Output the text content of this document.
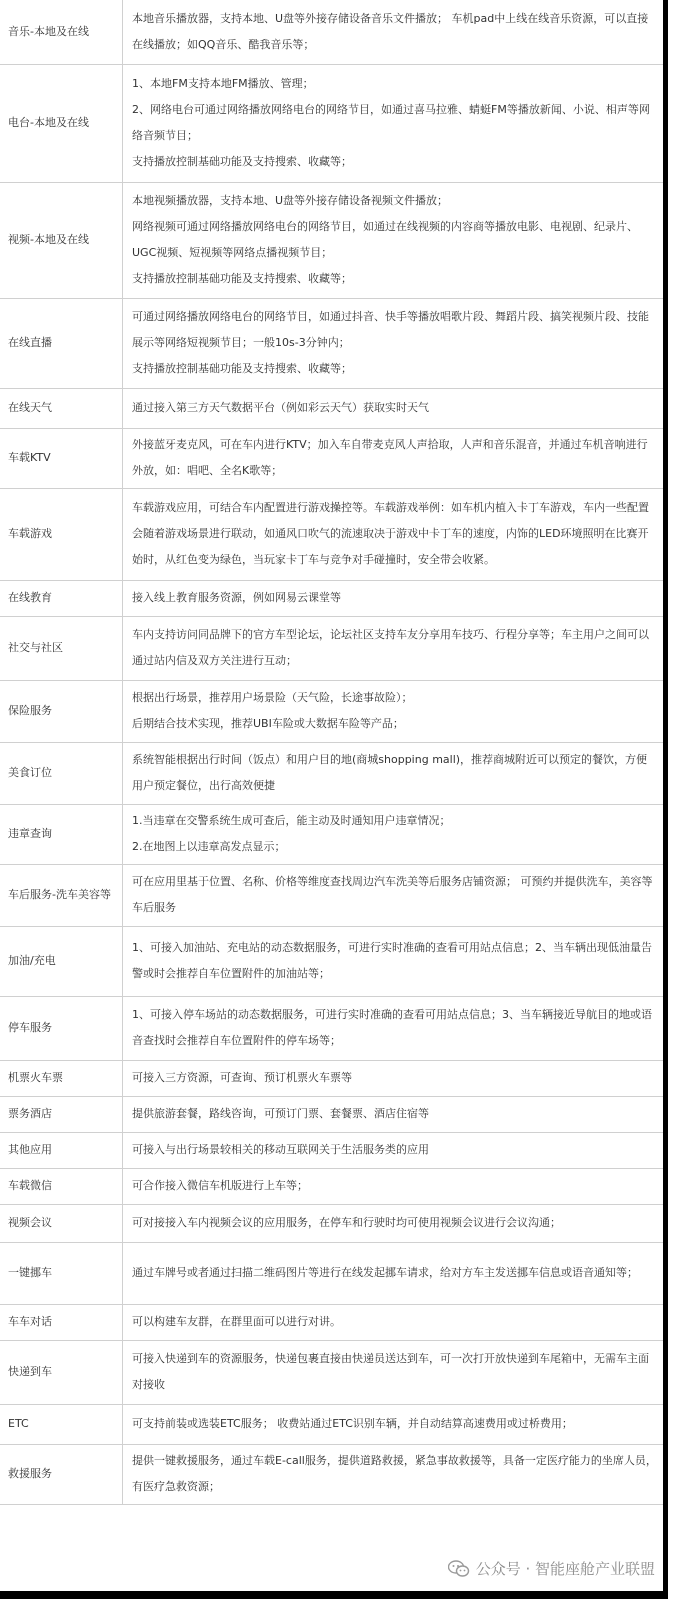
音乐-本地及在线	本地音乐播放器，支持本地、U盘等外接存储设备音乐文件播放； 车机pad中上线在线音乐资源，可以直接在线播放；如QQ音乐、酷我音乐等；

电台-本地及在线	1、本地FM支持本地FM播放、管理；
2、网络电台可通过网络播放网络电台的网络节目，如通过喜马拉雅、蜻蜓FM等播放新闻、小说、相声等网络音频节目；
支持播放控制基础功能及支持搜索、收藏等；

视频-本地及在线	本地视频播放器，支持本地、U盘等外接存储设备视频文件播放；
网络视频可通过网络播放网络电台的网络节目，如通过在线视频的内容商等播放电影、电视剧、纪录片、UGC视频、短视频等网络点播视频节目；
支持播放控制基础功能及支持搜索、收藏等；

在线直播	可通过网络播放网络电台的网络节目，如通过抖音、快手等播放唱歌片段、舞蹈片段、搞笑视频片段、技能展示等网络短视频节目；一般10s-3分钟内；
支持播放控制基础功能及支持搜索、收藏等；

在线天气	通过接入第三方天气数据平台（例如彩云天气）获取实时天气

车载KTV	外接蓝牙麦克风，可在车内进行KTV；加入车自带麦克风人声拾取，人声和音乐混音，并通过车机音响进行外放，如：唱吧、全名K歌等；

车载游戏	车载游戏应用，可结合车内配置进行游戏操控等。车载游戏举例：如车机内植入卡丁车游戏，车内一些配置会随着游戏场景进行联动，如通风口吹气的流速取决于游戏中卡丁车的速度，内饰的LED环境照明在比赛开始时，从红色变为绿色，当玩家卡丁车与竞争对手碰撞时，安全带会收紧。

在线教育	接入线上教育服务资源，例如网易云课堂等

社交与社区	车内支持访问同品牌下的官方车型论坛，论坛社区支持车友分享用车技巧、行程分享等；车主用户之间可以通过站内信及双方关注进行互动；

保险服务	根据出行场景，推荐用户场景险（天气险，长途事故险）；
后期结合技术实现，推荐UBI车险或大数据车险等产品；

美食订位	系统智能根据出行时间（饭点）和用户目的地(商城shopping mall)，推荐商城附近可以预定的餐饮，方便用户预定餐位，出行高效便捷

违章查询	1.当违章在交警系统生成可查后，能主动及时通知用户违章情况；
2.在地图上以违章高发点显示；

车后服务-洗车美容等	可在应用里基于位置、名称、价格等维度查找周边汽车洗美等后服务店铺资源； 可预约并提供洗车，美容等车后服务

加油/充电	1、可接入加油站、充电站的动态数据服务，可进行实时准确的查看可用站点信息；2、当车辆出现低油量告警或时会推荐自车位置附件的加油站等；

停车服务	1、可接入停车场站的动态数据服务，可进行实时准确的查看可用站点信息；3、当车辆接近导航目的地或语音查找时会推荐自车位置附件的停车场等；

机票火车票	可接入三方资源，可查询、预订机票火车票等

票务酒店	提供旅游套餐，路线咨询，可预订门票、套餐票、酒店住宿等

其他应用	可接入与出行场景较相关的移动互联网关于生活服务类的应用

车载微信	可合作接入微信车机版进行上车等；

视频会议	可对接接入车内视频会议的应用服务，在停车和行驶时均可使用视频会议进行会议沟通；

一键挪车	通过车牌号或者通过扫描二维码图片等进行在线发起挪车请求，给对方车主发送挪车信息或语音通知等；

车车对话	可以构建车友群，在群里面可以进行对讲。

快递到车	可接入快递到车的资源服务，快递包裹直接由快递员送达到车，可一次打开放快递到车尾箱中，无需车主面对接收

ETC	可支持前装或选装ETC服务； 收费站通过ETC识别车辆，并自动结算高速费用或过桥费用；

救援服务	提供一键救援服务，通过车载E-call服务，提供道路救援，紧急事故救援等，具备一定医疗能力的坐席人员，有医疗急救资源；
公众号 · 智能座舱产业联盟
